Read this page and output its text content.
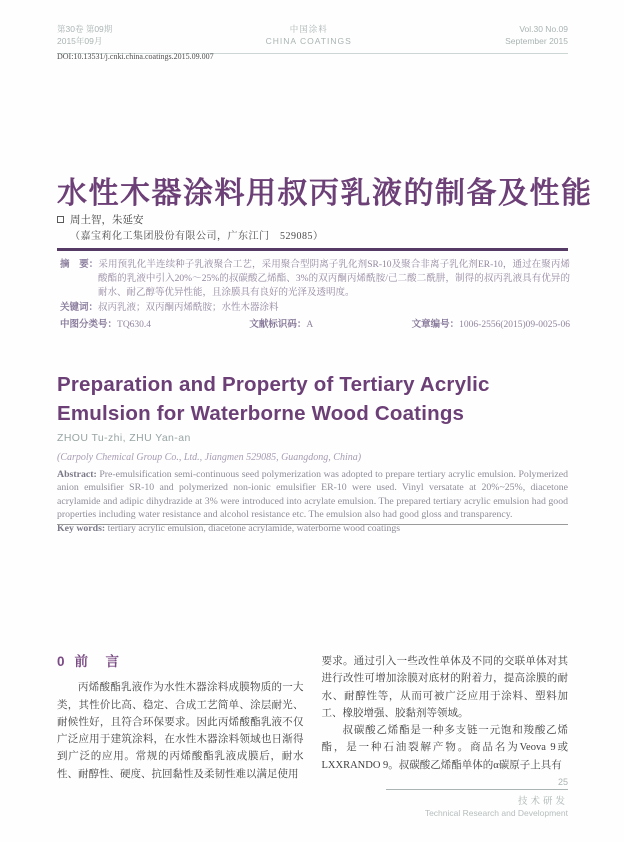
第30卷 第09期
2015年09月
中国涂料
CHINA COATINGS
Vol.30 No.09
September 2015
DOI:10.13531/j.cnki.china.coatings.2015.09.007
水性木器涂料用叔丙乳液的制备及性能
周土智，朱延安
（嘉宝莉化工集团股份有限公司，广东江门　529085）

摘　要：采用预乳化半连续种子乳液聚合工艺，采用聚合型阴离子乳化剂SR-10及聚合非离子乳化剂ER-10，通过在聚丙烯酸酯的乳液中引入20%～25%的叔碳酸乙烯酯、3%的双丙酮丙烯酰胺/己二酸二酰肼，制得的叔丙乳液具有优异的耐水、耐乙醇等优异性能，且涂膜具有良好的光泽及透明度。

关键词：叔丙乳液；双丙酮丙烯酰胺；水性木器涂料

中图分类号：TQ630.4	文献标识码：A	文章编号：1006-2556(2015)09-0025-06
Preparation and Property of Tertiary Acrylic Emulsion for Waterborne Wood Coatings
ZHOU Tu-zhi, ZHU Yan-an
(Carpoly Chemical Group Co., Ltd., Jiangmen 529085, Guangdong, China)

Abstract: Pre-emulsification semi-continuous seed polymerization was adopted to prepare tertiary acrylic emulsion. Polymerized anion emulsifier SR-10 and polymerized non-ionic emulsifier ER-10 were used. Vinyl versatate at 20%~25%, diacetone acrylamide and adipic dihydrazide at 3% were introduced into acrylate emulsion. The prepared tertiary acrylic emulsion had good properties including water resistance and alcohol resistance etc. The emulsion also had good gloss and transparency.

Key words: tertiary acrylic emulsion, diacetone acrylamide, waterborne wood coatings

0 前　言

丙烯酸酯乳液作为水性木器涂料成膜物质的一大类，其性价比高、稳定、合成工艺简单、涂层耐光、耐候性好，且符合环保要求。因此丙烯酸酯乳液不仅广泛应用于建筑涂料，在水性木器涂料领域也日渐得到广泛的应用。常规的丙烯酸酯乳液成膜后，耐水性、耐醇性、硬度、抗回黏性及柔韧性难以满足使用

要求。通过引入一些改性单体及不同的交联单体对其进行改性可增加涂膜对底材的附着力，提高涂膜的耐水、耐醇性等，从而可被广泛应用于涂料、塑料加工、橡胶增强、胶黏剂等领域。

叔碳酸乙烯酯是一种多支链一元饱和羧酸乙烯酯，是一种石油裂解产物。商品名为Veova 9或LXXRANDO 9。叔碳酸乙烯酯单体的α碳原子上具有

25
技术研发
Technical Research and Development
